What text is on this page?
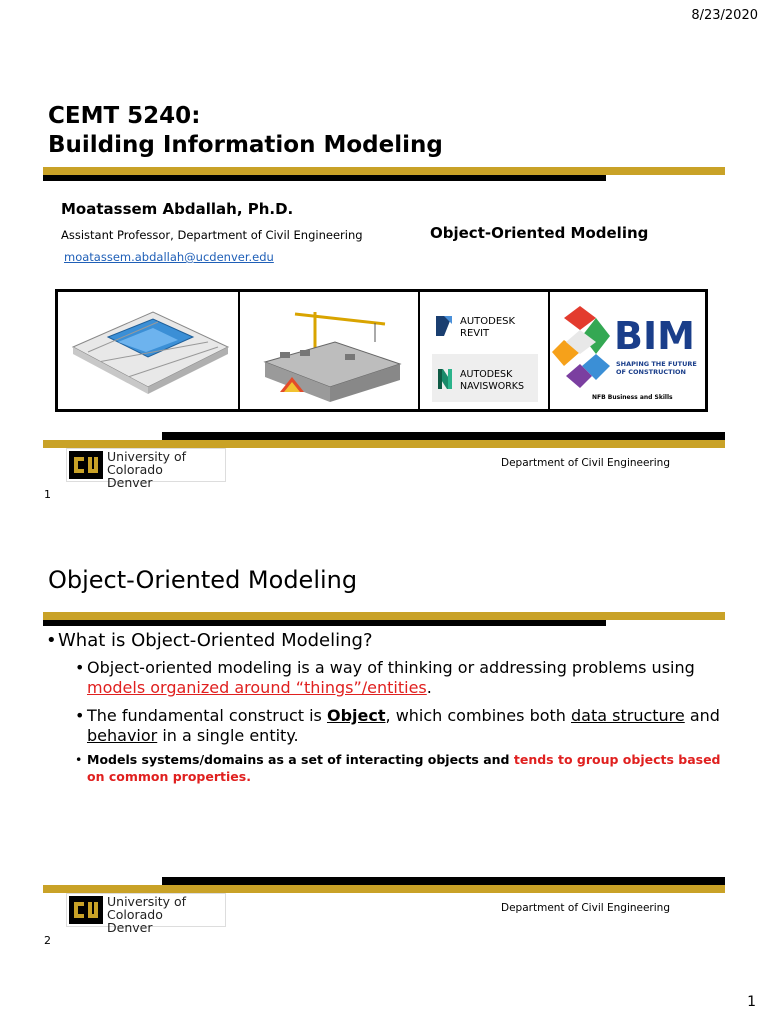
8/23/2020
CEMT 5240:
Building Information Modeling
Moatassem Abdallah, Ph.D.
Assistant Professor, Department of Civil Engineering
moatassem.abdallah@ucdenver.edu
Object-Oriented Modeling
AUTODESK
REVIT
AUTODESK
NAVISWORKS
BIM
SHAPING THE FUTURE
OF CONSTRUCTION
NFB Business and Skills
University of Colorado
Denver
Department of Civil Engineering
1
Object-Oriented Modeling
•What is Object-Oriented Modeling?
• Object-oriented modeling is a way of thinking or addressing problems using models organized around “things”/entities.
• The fundamental construct is Object, which combines both data structure and
behavior in a single entity.
• Models systems/domains as a set of interacting objects and tends to group objects based
on common properties.
University of Colorado
Denver
Department of Civil Engineering
2
1
